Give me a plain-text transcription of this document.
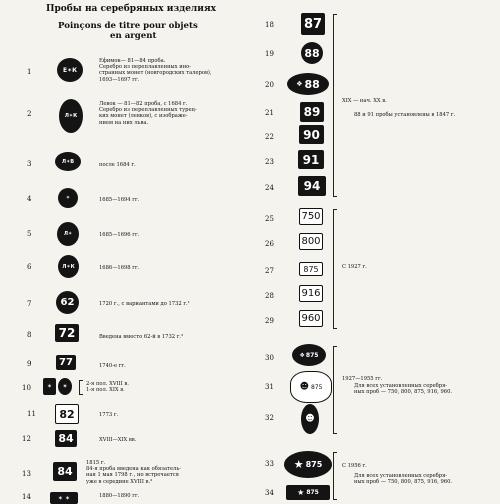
Пробы на серебряных изделиях
Poinçons de titre pour objets
en argent
1	Е✶К
Ефимок— 81—84 проба.
Серебро из переплавленных ино-
странных монет (новгородских талеров),
1693—1697 гг.
2	Л✶К
Левок — 81—82 проба, с 1684 г.
Серебро из переплавленных турец-
ких монет (левков), с изображе-
нием на них льва.
3	Л✶В
после 1684 г.
4	✶	1685—1694 гг.
5	Л✶	1685—1696 гг.
6	Л✶К	1686—1698 гг.
7	62	1720 г., с вариантами до 1732 г.¹
8	72	Введена вместо 62-й в 1732 г.²
9	77	1740-е гг.
10	✶	✶	2-я пол. XVIII в.
1-я пол. XIX в.
11	82	1773 г.
12	84	XVIII—XIX вв.
13	84
1815 г.
84-я проба введена как обязатель-
ная 1 мая 1798 г., но встречается
уже в середине XVIII в.³
14	✶ ✶	1880—1890 гг.
18 87
19	88
20	❖ 88
21	89
22	90
23	91
24	94
XIX — нач. XX в.
88 и 91 пробы установлены в 1847 г.
25	750
26	800
27	875
28	916
29	960
С 1927 г.
30	❖ 875
31	☻ 875
32	☻
1927—1955 гг.
Для всех установленных серебря-
ных проб — 750, 800, 875, 916, 960.
33 ★ 875
34	★ 875
С 1956 г.
Для всех установленных серебря-
ных проб — 750, 800, 875, 916, 960.
